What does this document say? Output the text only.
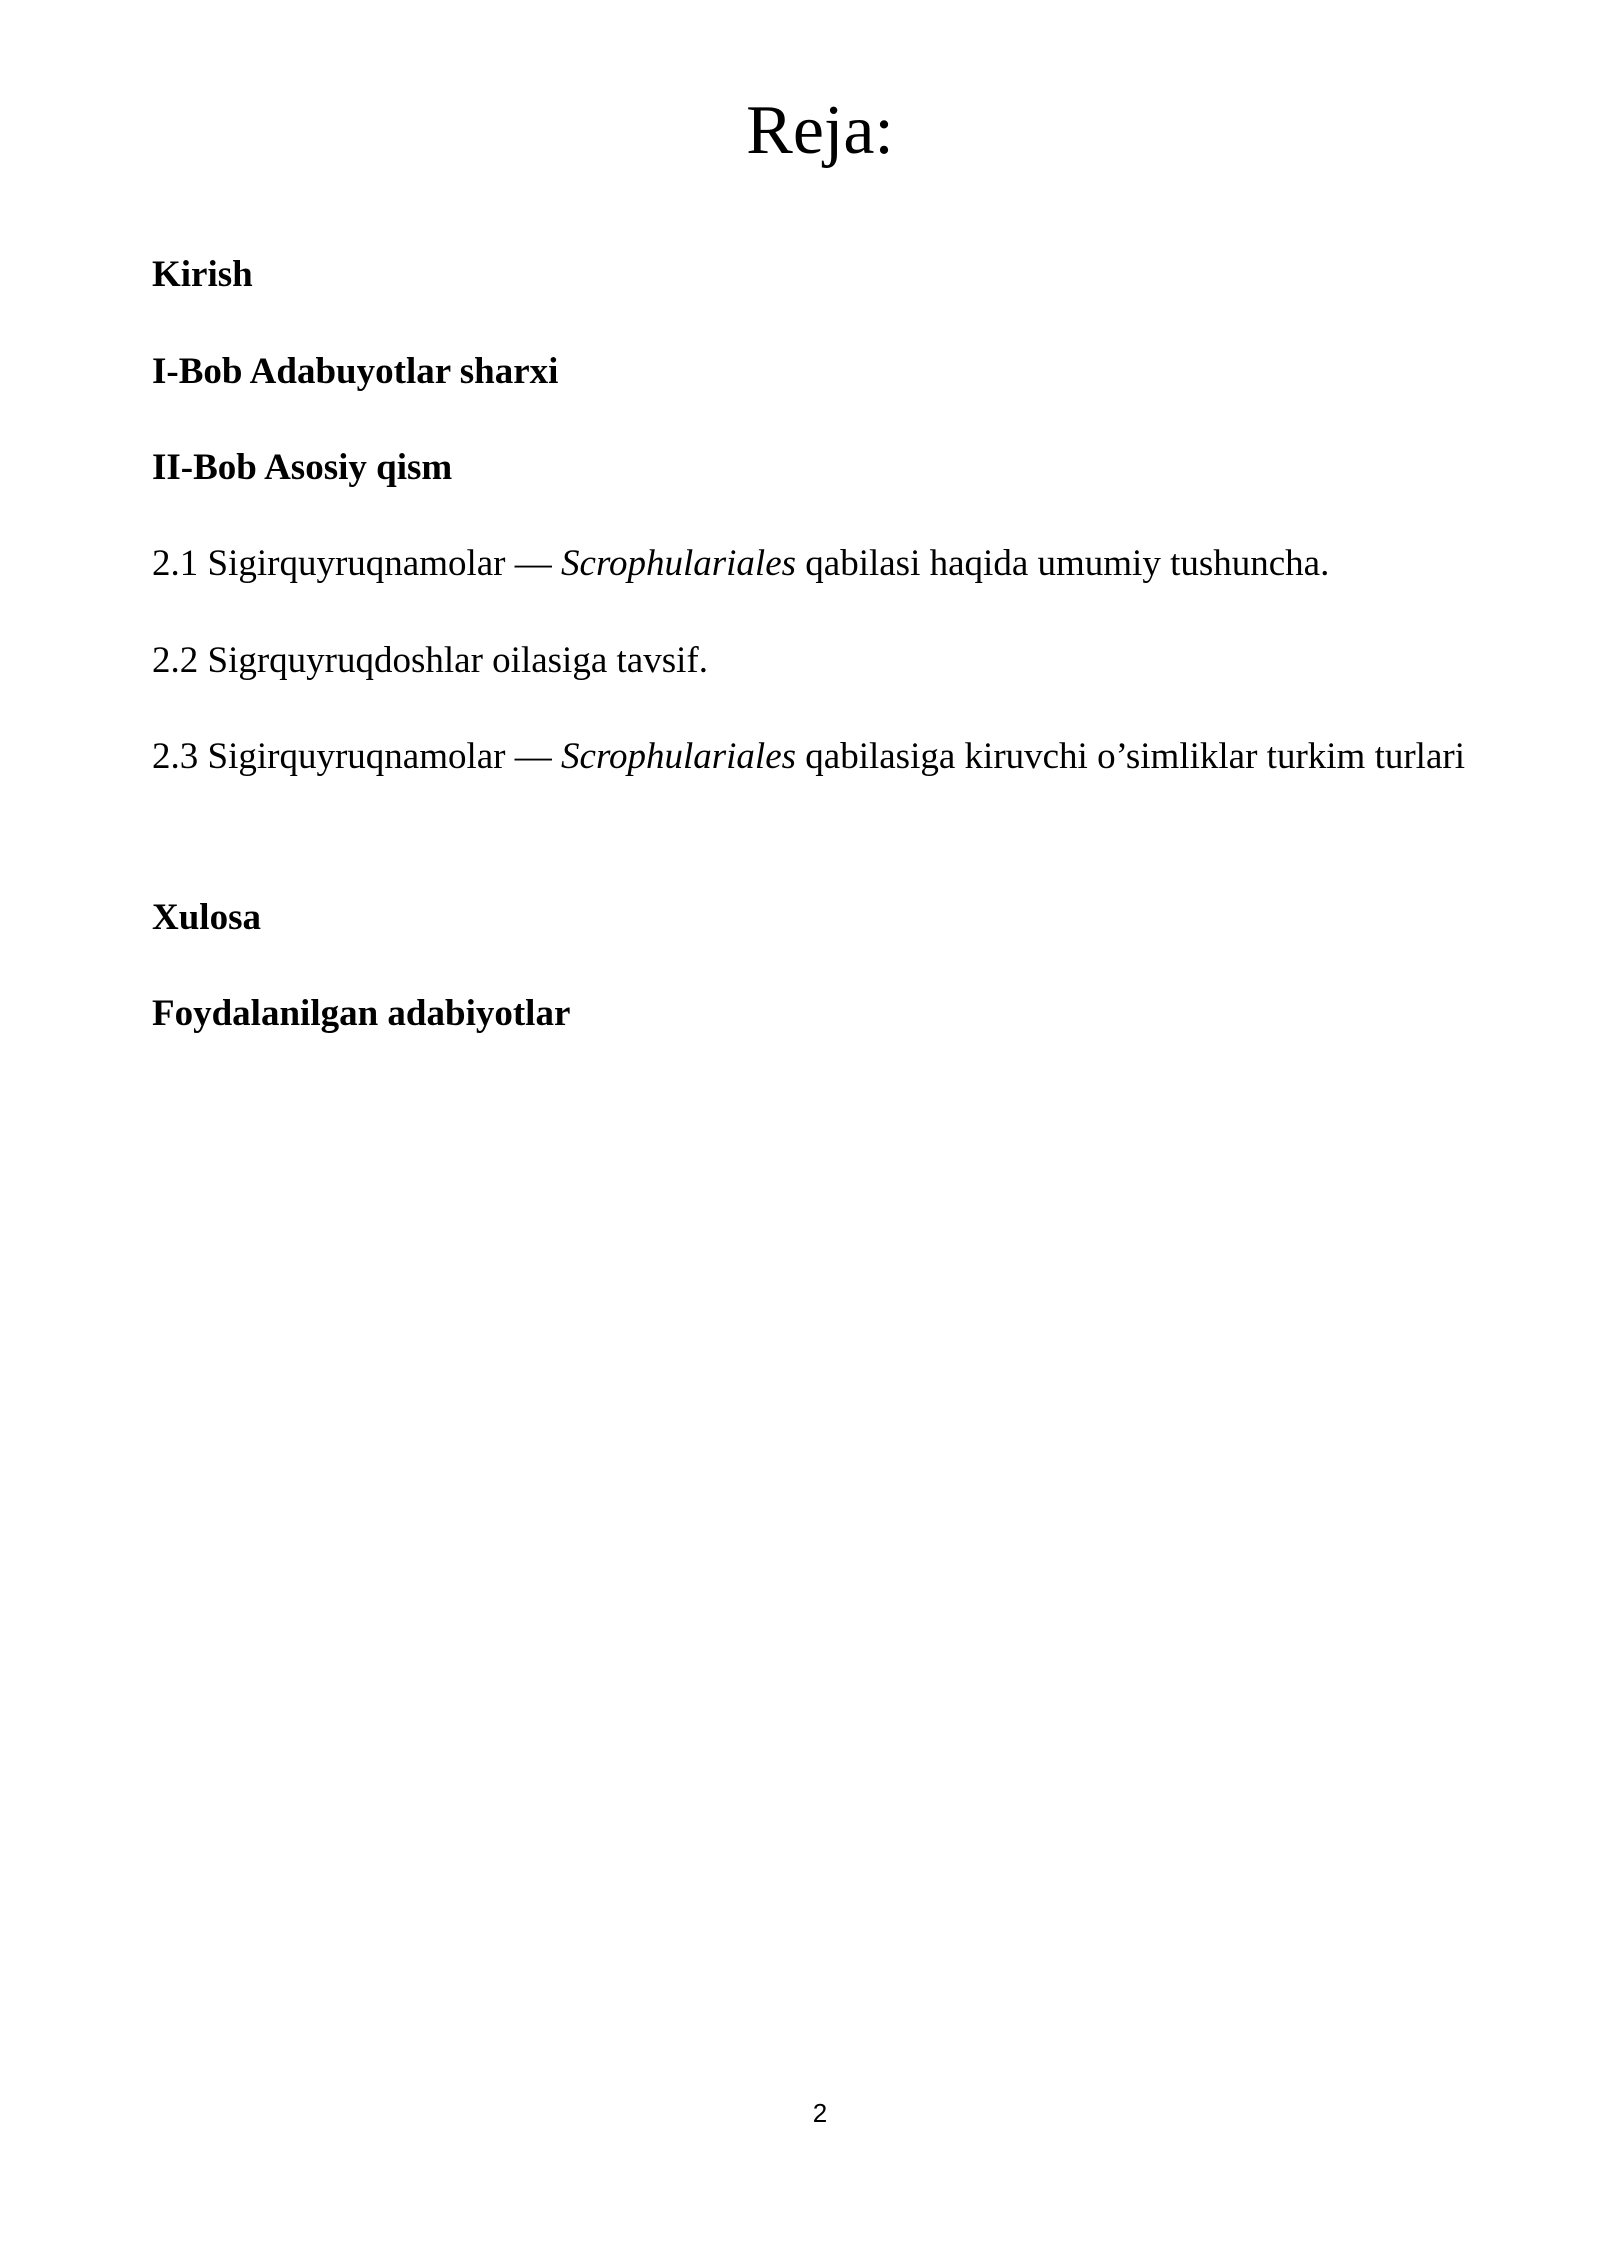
Reja:

Kirish

I-Bob Adabuyotlar sharxi

II-Bob Asosiy qism

2.1 Sigirquyruqnamolar — Scrophulariales qabilasi haqida umumiy tushuncha.

2.2 Sigrquyruqdoshlar oilasiga tavsif.

2.3 Sigirquyruqnamolar — Scrophulariales qabilasiga kiruvchi o’simliklar turkim turlari

Xulosa

Foydalanilgan adabiyotlar

2
